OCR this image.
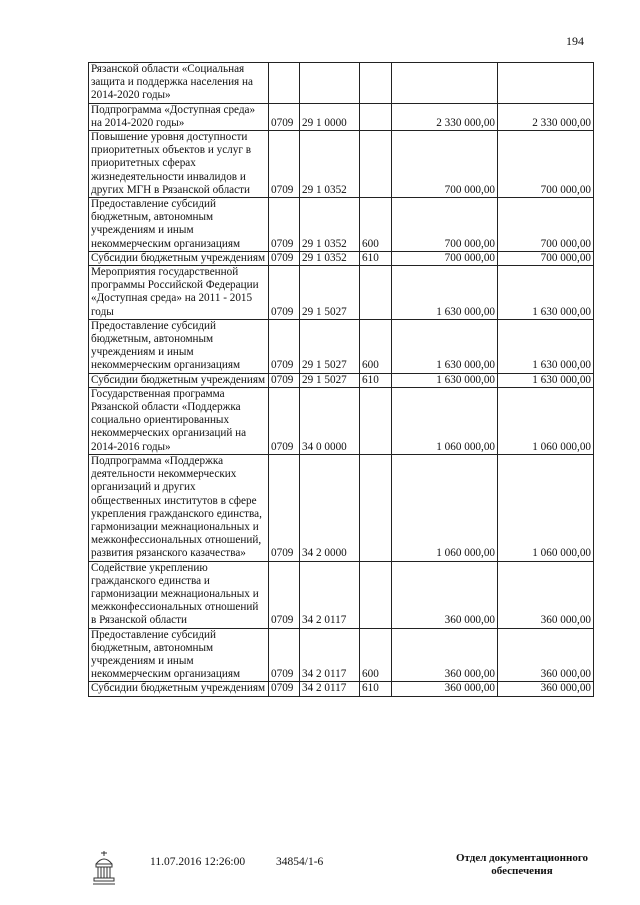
194
Рязанской области «Социальная защита и поддержка населения на 2014-2020 годы»					
Подпрограмма «Доступная среда» на 2014-2020 годы»	0709	29 1 0000		2 330 000,00	2 330 000,00
Повышение уровня доступности приоритетных объектов и услуг в приоритетных сферах жизнедеятельности инвалидов и других МГН в Рязанской области	0709	29 1 0352		700 000,00	700 000,00
Предоставление субсидий бюджетным, автономным учреждениям и иным некоммерческим организациям	0709	29 1 0352	600	700 000,00	700 000,00
Субсидии бюджетным учреждениям	0709	29 1 0352	610	700 000,00	700 000,00
Мероприятия государственной программы Российской Федерации «Доступная среда» на 2011 - 2015 годы	0709	29 1 5027		1 630 000,00	1 630 000,00
Предоставление субсидий бюджетным, автономным учреждениям и иным некоммерческим организациям	0709	29 1 5027	600	1 630 000,00	1 630 000,00
Субсидии бюджетным учреждениям	0709	29 1 5027	610	1 630 000,00	1 630 000,00
Государственная программа Рязанской области «Поддержка социально ориентированных некоммерческих организаций на 2014-2016 годы»	0709	34 0 0000		1 060 000,00	1 060 000,00
Подпрограмма «Поддержка деятельности некоммерческих организаций и других общественных институтов в сфере укрепления гражданского единства, гармонизации межнациональных и межконфессиональных отношений, развития рязанского казачества»	0709	34 2 0000		1 060 000,00	1 060 000,00
Содействие укреплению гражданского единства и гармонизации межнациональных и межконфессиональных отношений в Рязанской области	0709	34 2 0117		360 000,00	360 000,00
Предоставление субсидий бюджетным, автономным учреждениям и иным некоммерческим организациям	0709	34 2 0117	600	360 000,00	360 000,00
Субсидии бюджетным учреждениям	0709	34 2 0117	610	360 000,00	360 000,00
11.07.2016 12:26:00	34854/1-6	Отдел документационного обеспечения
